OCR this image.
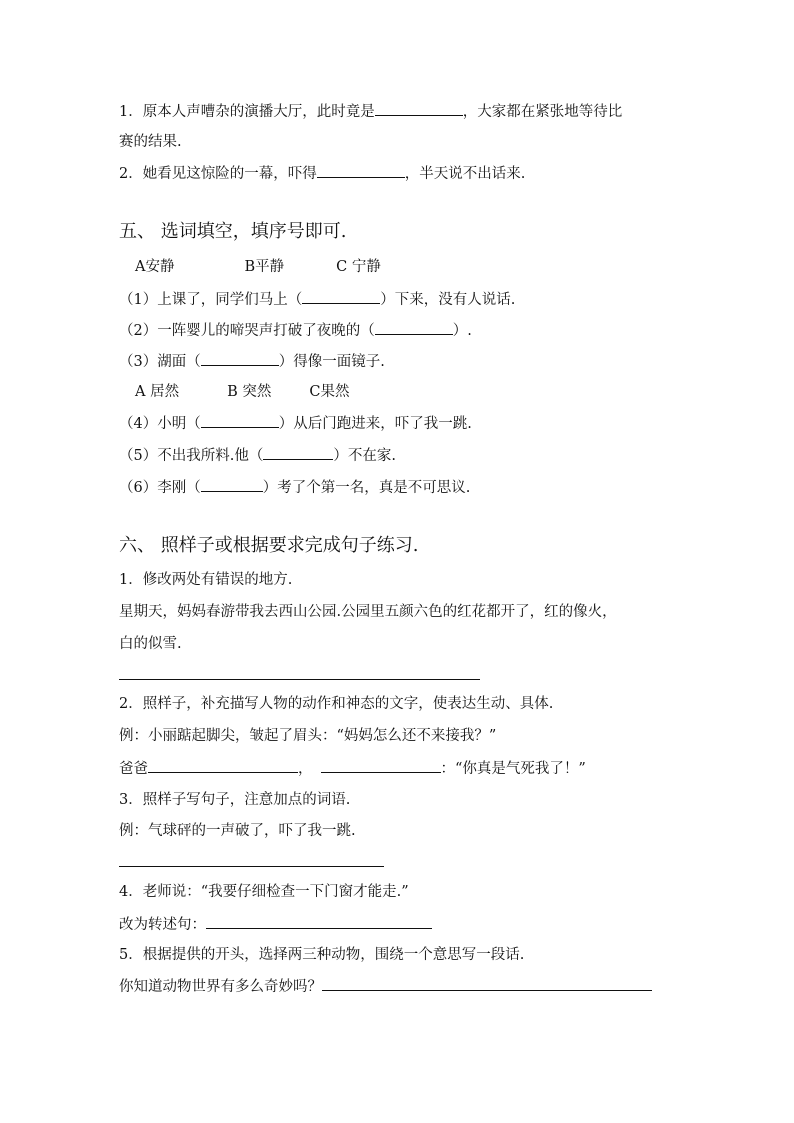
1．原本人声嘈杂的演播大厅，此时竟是	，大家都在紧张地等待比
赛的结果.
2．她看见这惊险的一幕，吓得	，半天说不出话来.
五、 选词填空，填序号即可.
A安静	B平静	C 宁静
（1）上课了，同学们马上（	）下来，没有人说话.
（2）一阵婴儿的啼哭声打破了夜晚的（	）.
（3）湖面（	）得像一面镜子.
A 居然	B 突然	C果然
（4）小明（	）从后门跑进来，吓了我一跳.
（5）不出我所料.他（	）不在家.
（6）李刚（	）考了个第一名，真是不可思议.
六、 照样子或根据要求完成句子练习.
1．修改两处有错误的地方.
星期天，妈妈春游带我去西山公园.公园里五颜六色的红花都开了，红的像火，
白的似雪.
2．照样子，补充描写人物的动作和神态的文字，使表达生动、具体.
例：小丽踮起脚尖，皱起了眉头：“妈妈怎么还不来接我？”
爸爸	，	：“你真是气死我了！”
3．照样子写句子，注意加点的词语.
例：气球砰的一声破了，吓了我一跳.
4．老师说：“我要仔细检查一下门窗才能走.”
改为转述句：
5．根据提供的开头，选择两三种动物，围绕一个意思写一段话.
你知道动物世界有多么奇妙吗？
